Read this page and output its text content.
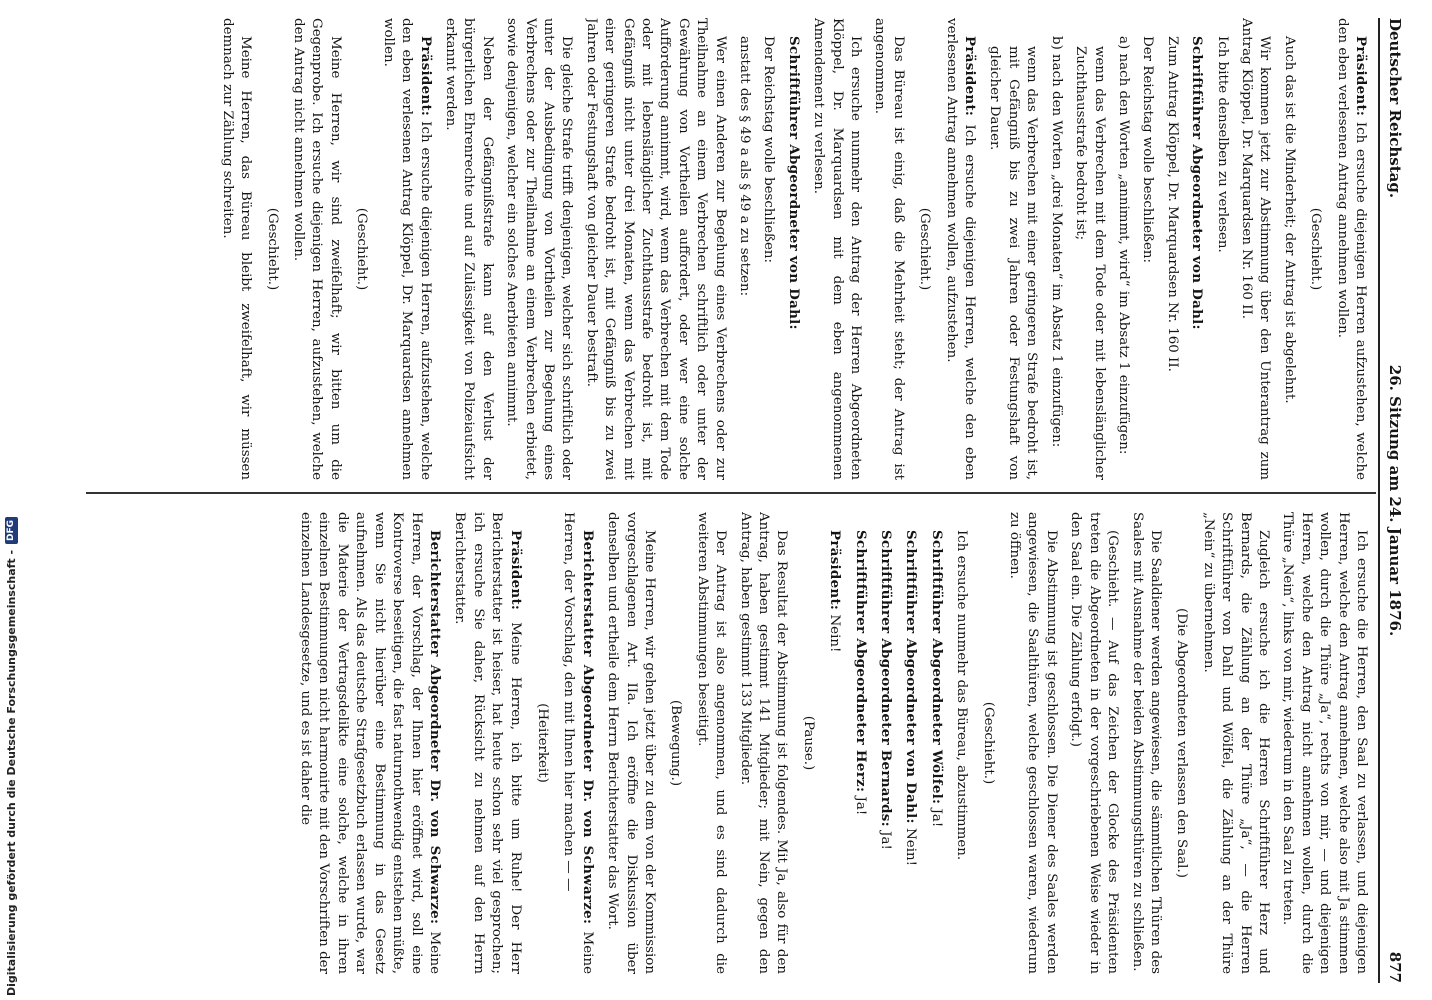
Deutscher Reichstag.
26. Sitzung am 24. Januar 1876.
877

Präsident: Ich ersuche diejenigen Herren aufzustehen, welche den eben verlesenen Antrag annehmen wollen.

(Geschieht.)

Auch das ist die Minderheit; der Antrag ist abgelehnt.

Wir kommen jetzt zur Abstimmung über den Unterantrag zum Antrag Klöppel, Dr. Marquardsen Nr. 160 II.

Ich bitte denselben zu verlesen.

Schriftführer Abgeordneter von Dahl:

Zum Antrag Klöppel, Dr. Marquardsen Nr. 160 II.

Der Reichstag wolle beschließen:

a) nach den Worten „annimmt, wird“ im Absatz 1 einzufügen:

wenn das Verbrechen mit dem Tode oder mit lebenslänglicher Zuchthausstrafe bedroht ist;

b) nach den Worten „drei Monaten“ im Absatz 1 einzufügen:

wenn das Verbrechen mit einer geringeren Strafe bedroht ist, mit Gefängniß bis zu zwei Jahren oder Festungshaft von gleicher Dauer.

Präsident: Ich ersuche diejenigen Herren, welche den eben verlesenen Antrag annehmen wollen, aufzustehen.

(Geschieht.)

Das Büreau ist einig, daß die Mehrheit steht; der Antrag ist angenommen.

Ich ersuche nunmehr den Antrag der Herren Abgeordneten Klöppel, Dr. Marquardsen mit dem eben angenommenen Amendement zu verlesen.

Schriftführer Abgeordneter von Dahl:

Der Reichstag wolle beschließen:

anstatt des § 49 a als § 49 a zu setzen:

Wer einen Anderen zur Begehung eines Verbrechens oder zur Theilnahme an einem Verbrechen schriftlich oder unter der Gewährung von Vortheilen auffordert, oder wer eine solche Aufforderung annimmt, wird, wenn das Verbrechen mit dem Tode oder mit lebenslänglicher Zuchthausstrafe bedroht ist, mit Gefängniß nicht unter drei Monaten, wenn das Verbrechen mit einer geringeren Strafe bedroht ist, mit Gefängniß bis zu zwei Jahren oder Festungshaft von gleicher Dauer bestraft.

Die gleiche Strafe trifft denjenigen, welcher sich schriftlich oder unter der Ausbedingung von Vortheilen zur Begehung eines Verbrechens oder zur Theilnahme an einem Verbrechen erbietet, sowie denjenigen, welcher ein solches Anerbieten annimmt.

Neben der Gefängnißstrafe kann auf den Verlust der bürgerlichen Ehrenrechte und auf Zulässigkeit von Polizeiaufsicht erkannt werden.

Präsident: Ich ersuche diejenigen Herren, aufzustehen, welche den eben verlesenen Antrag Klöppel, Dr. Marquardsen annehmen wollen.

(Geschieht.)

Meine Herren, wir sind zweifelhaft; wir bitten um die Gegenprobe. Ich ersuche diejenigen Herren, aufzustehen, welche den Antrag nicht annehmen wollen.

(Geschieht.)

Meine Herren, das Büreau bleibt zweifelhaft, wir müssen demnach zur Zählung schreiten.

Ich ersuche die Herren, den Saal zu verlassen, und diejenigen Herren, welche den Antrag annehmen, welche also mit Ja stimmen wollen, durch die Thüre „Ja“, rechts von mir, — und diejenigen Herren, welche den Antrag nicht annehmen wollen, durch die Thüre „Nein“, links von mir, wiederum in den Saal zu treten.

Zugleich ersuche ich die Herren Schriftführer Herz und Bernards, die Zählung an der Thüre „Ja“, — die Herren Schriftführer von Dahl und Wölfel, die Zählung an der Thüre „Nein“ zu übernehmen.

(Die Abgeordneten verlassen den Saal.)

Die Saaldiener werden angewiesen, die sämmtlichen Thüren des Saales mit Ausnahme der beiden Abstimmungsthüren zu schließen.

(Geschieht. — Auf das Zeichen der Glocke des Präsidenten treten die Abgeordneten in der vorgeschriebenen Weise wieder in den Saal ein. Die Zählung erfolgt.)

Die Abstimmung ist geschlossen. Die Diener des Saales werden angewiesen, die Saalthüren, welche geschlossen waren, wiederum zu öffnen.

(Geschieht.)

Ich ersuche nunmehr das Büreau, abzustimmen.

Schriftführer Abgeordneter Wölfel: Ja!

Schriftführer Abgeordneter von Dahl: Nein!

Schriftführer Abgeordneter Bernards: Ja!

Schriftführer Abgeordneter Herz: Ja!

Präsident: Nein!

(Pause.)

Das Resultat der Abstimmung ist folgendes. Mit Ja, also für den Antrag, haben gestimmt 141 Mitglieder; mit Nein, gegen den Antrag, haben gestimmt 133 Mitglieder.

Der Antrag ist also angenommen, und es sind dadurch die weiteren Abstimmungen beseitigt.

(Bewegung.)

Meine Herren, wir gehen jetzt über zu dem von der Kommission vorgeschlagenen Art. IIa. Ich eröffne die Diskussion über denselben und ertheile dem Herrn Berichterstatter das Wort.

Berichterstatter Abgeordneter Dr. von Schwarze: Meine Herren, der Vorschlag, den mit Ihnen hier machen — —

(Heiterkeit)

Präsident: Meine Herren, ich bitte um Ruhe! Der Herr Berichterstatter ist heiser, hat heute schon sehr viel gesprochen; ich ersuche Sie daher, Rücksicht zu nehmen auf den Herrn Berichterstatter.

Berichterstatter Abgeordneter Dr. von Schwarze: Meine Herren, der Vorschlag, der Ihnen hier eröffnet wird, soll eine Kontroverse beseitigen, die fast naturnothwendig entstehen müßte, wenn Sie nicht hierüber eine Bestimmung in das Gesetz aufnehmen. Als das deutsche Strafgesetzbuch erlassen wurde, war die Materie der Vertragsdelikte eine solche, welche in ihren einzelnen Bestimmungen nicht harmonirte mit den Vorschriften der einzelnen Landesgesetze, und es ist daher die

Digitalisierung gefördert durch die Deutsche Forschungsgemeinschaft -
DFG
